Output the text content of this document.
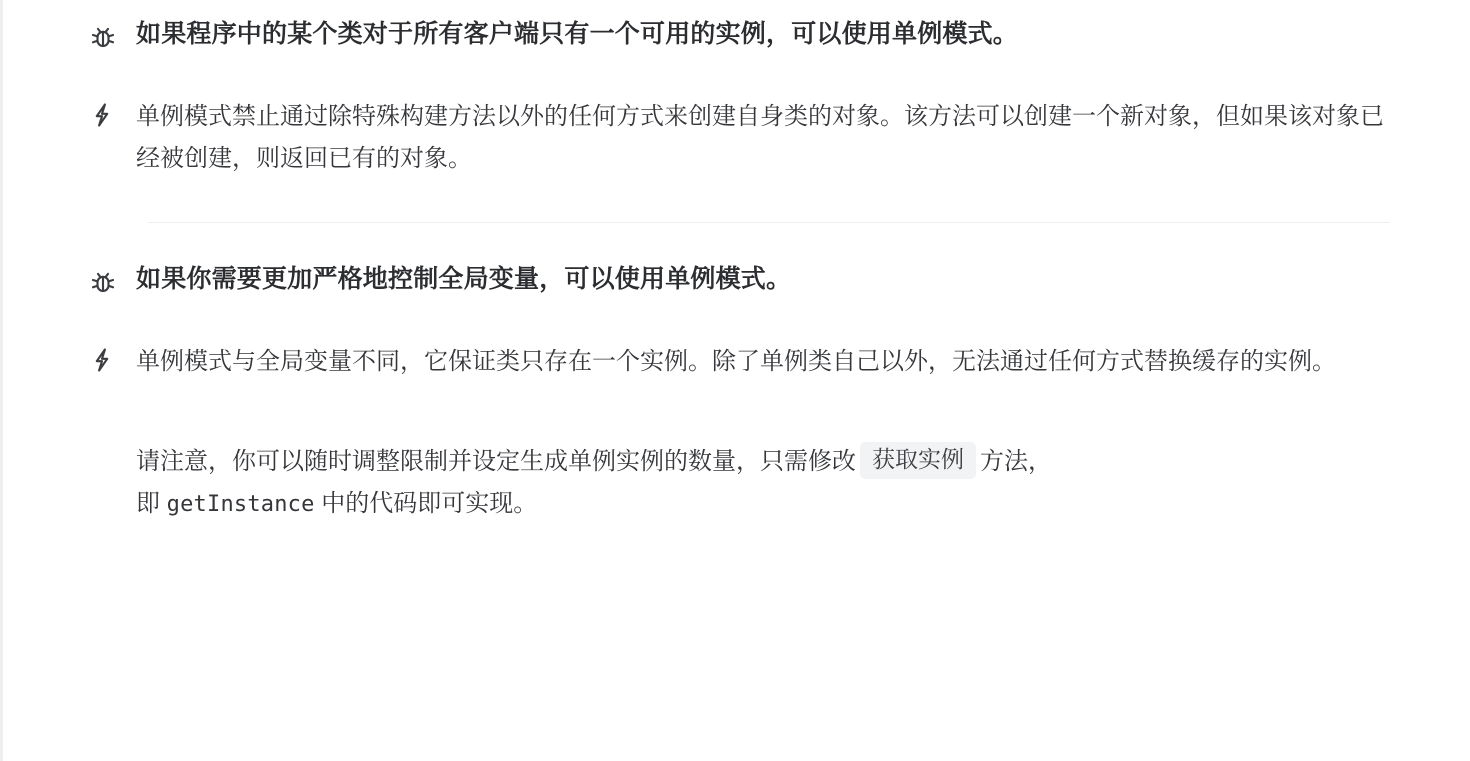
如果程序中的某个类对于所有客户端只有一个可用的实例，可以使用单例模式。
单例模式禁止通过除特殊构建方法以外的任何方式来创建自身类的对象。该方法可以创建一个新对象，但如果该对象已经被创建，则返回已有的对象。
如果你需要更加严格地控制全局变量，可以使用单例模式。
单例模式与全局变量不同，它保证类只存在一个实例。除了单例类自己以外，无法通过任何方式替换缓存的实例。
请注意，你可以随时调整限制并设定生成单例实例的数量，只需修改 获取实例 方法，
即 getInstance 中的代码即可实现。
